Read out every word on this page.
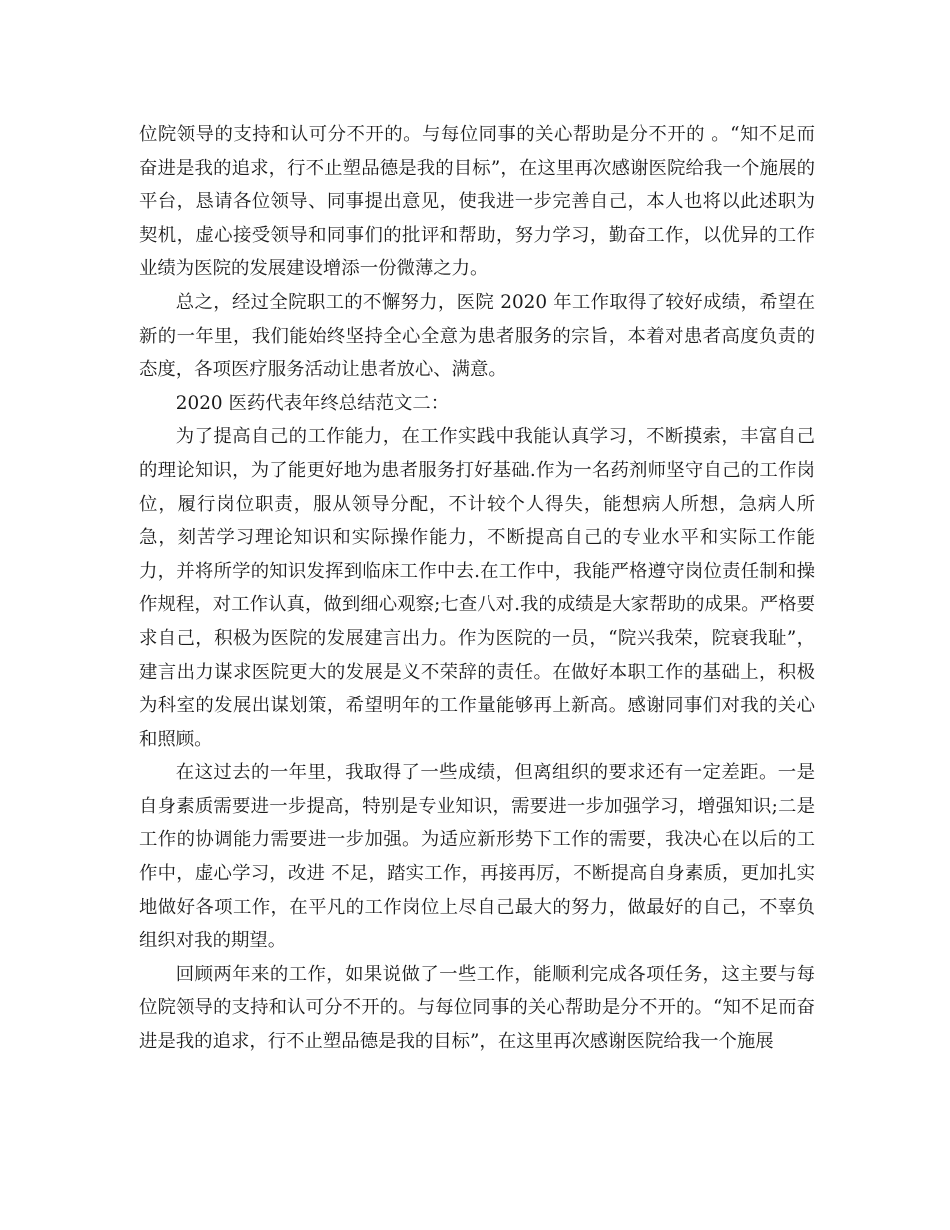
位院领导的支持和认可分不开的。与每位同事的关心帮助是分不开的 。“知不足而奋进是我的追求，行不止塑品德是我的目标”，在这里再次感谢医院给我一个施展的平台，恳请各位领导、同事提出意见，使我进一步完善自己，本人也将以此述职为契机，虚心接受领导和同事们的批评和帮助，努力学习，勤奋工作，以优异的工作业绩为医院的发展建设增添一份微薄之力。

总之，经过全院职工的不懈努力，医院 2020 年工作取得了较好成绩，希望在新的一年里，我们能始终坚持全心全意为患者服务的宗旨，本着对患者高度负责的态度，各项医疗服务活动让患者放心、满意。

2020 医药代表年终总结范文二：

为了提高自己的工作能力，在工作实践中我能认真学习，不断摸索，丰富自己的理论知识，为了能更好地为患者服务打好基础.作为一名药剂师坚守自己的工作岗位，履行岗位职责，服从领导分配，不计较个人得失，能想病人所想，急病人所急，刻苦学习理论知识和实际操作能力，不断提高自己的专业水平和实际工作能力，并将所学的知识发挥到临床工作中去.在工作中，我能严格遵守岗位责任制和操作规程，对工作认真，做到细心观察;七查八对.我的成绩是大家帮助的成果。严格要求自己，积极为医院的发展建言出力。作为医院的一员，“院兴我荣，院衰我耻”，建言出力谋求医院更大的发展是义不荣辞的责任。在做好本职工作的基础上，积极为科室的发展出谋划策，希望明年的工作量能够再上新高。感谢同事们对我的关心和照顾。

在这过去的一年里，我取得了一些成绩，但离组织的要求还有一定差距。一是自身素质需要进一步提高，特别是专业知识，需要进一步加强学习，增强知识;二是工作的协调能力需要进一步加强。为适应新形势下工作的需要，我决心在以后的工作中，虚心学习，改进 不足，踏实工作，再接再厉，不断提高自身素质，更加扎实地做好各项工作，在平凡的工作岗位上尽自己最大的努力，做最好的自己，不辜负组织对我的期望。

回顾两年来的工作，如果说做了一些工作，能顺利完成各项任务，这主要与每位院领导的支持和认可分不开的。与每位同事的关心帮助是分不开的。“知不足而奋进是我的追求，行不止塑品德是我的目标”，在这里再次感谢医院给我一个施展
